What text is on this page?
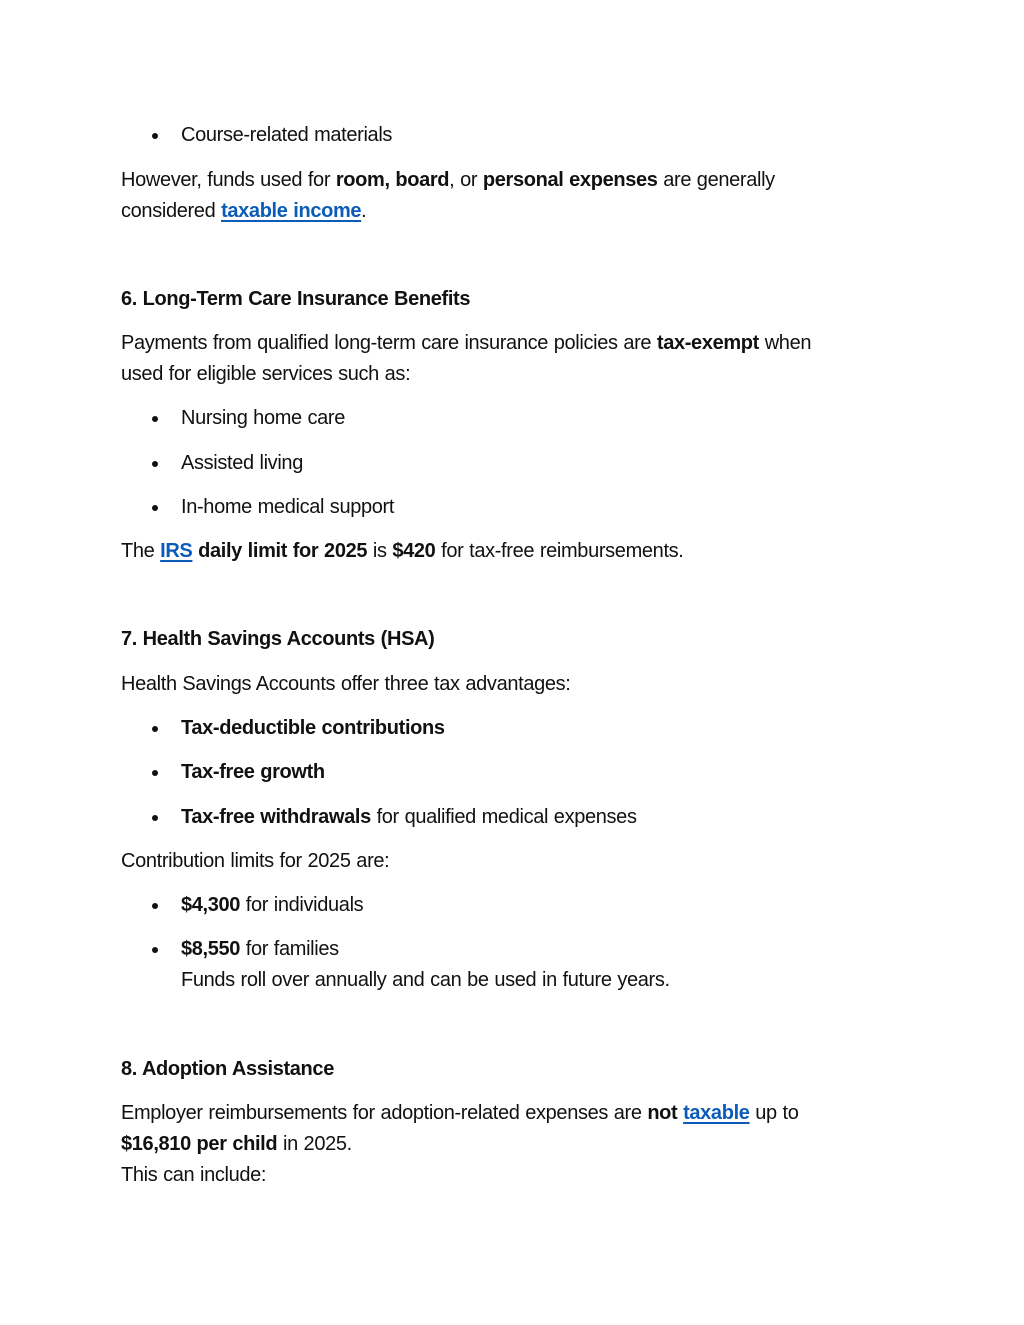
Course-related materials
However, funds used for room, board, or personal expenses are generally
considered taxable income.
6. Long-Term Care Insurance Benefits
Payments from qualified long-term care insurance policies are tax-exempt when
used for eligible services such as:
Nursing home care
Assisted living
In-home medical support
The IRS daily limit for 2025 is $420 for tax-free reimbursements.
7. Health Savings Accounts (HSA)
Health Savings Accounts offer three tax advantages:
Tax-deductible contributions
Tax-free growth
Tax-free withdrawals for qualified medical expenses
Contribution limits for 2025 are:
$4,300 for individuals
$8,550 for families
Funds roll over annually and can be used in future years.
8. Adoption Assistance
Employer reimbursements for adoption-related expenses are not taxable up to
$16,810 per child in 2025.
This can include:
